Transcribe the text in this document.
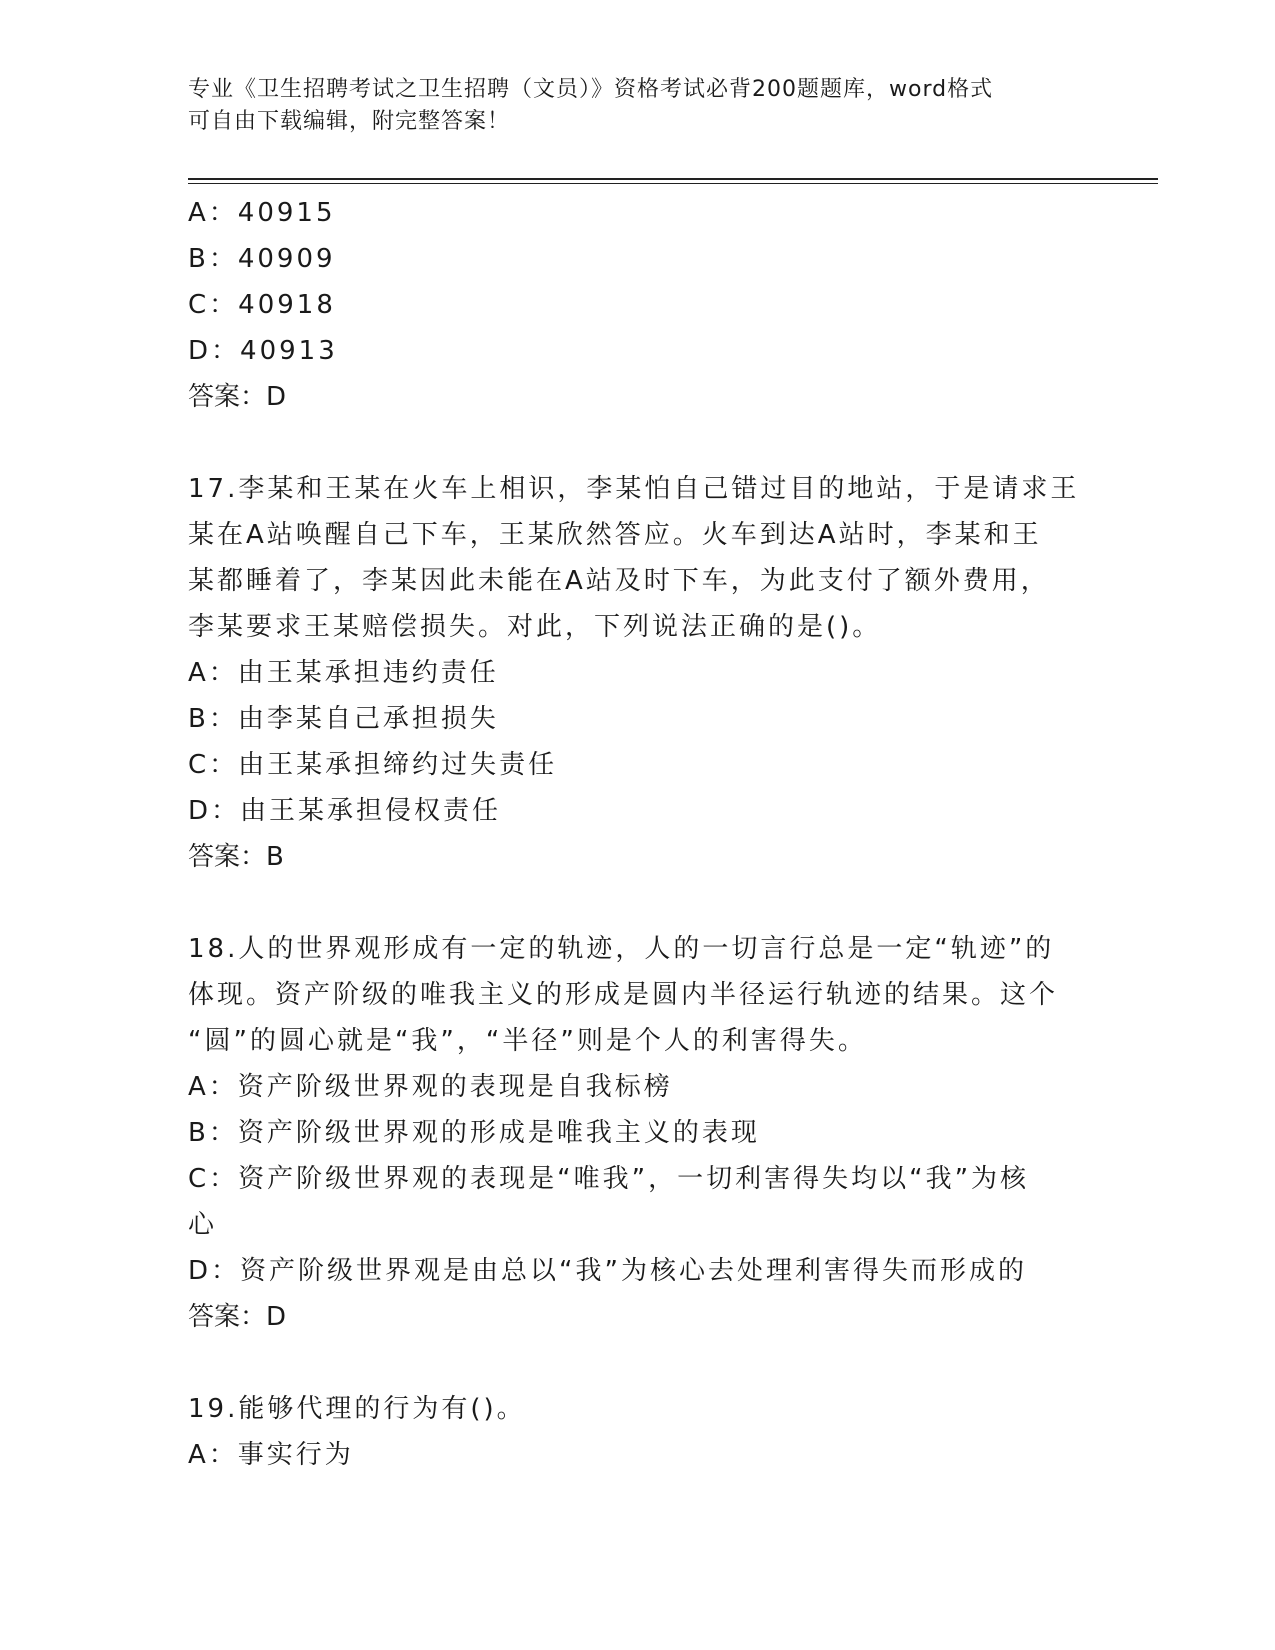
专业《卫生招聘考试之卫生招聘（文员）》资格考试必背200题题库，word格式
可自由下载编辑，附完整答案！
A：40915
B：40909
C：40918
D：40913
答案：D
17.李某和王某在火车上相识，李某怕自己错过目的地站，于是请求王
某在A站唤醒自己下车，王某欣然答应。火车到达A站时，李某和王
某都睡着了，李某因此未能在A站及时下车，为此支付了额外费用，
李某要求王某赔偿损失。对此，下列说法正确的是()。
A：由王某承担违约责任
B：由李某自己承担损失
C：由王某承担缔约过失责任
D：由王某承担侵权责任
答案：B
18.人的世界观形成有一定的轨迹，人的一切言行总是一定“轨迹”的
体现。资产阶级的唯我主义的形成是圆内半径运行轨迹的结果。这个
“圆”的圆心就是“我”，“半径”则是个人的利害得失。
A：资产阶级世界观的表现是自我标榜
B：资产阶级世界观的形成是唯我主义的表现
C：资产阶级世界观的表现是“唯我”，一切利害得失均以“我”为核
心
D：资产阶级世界观是由总以“我”为核心去处理利害得失而形成的
答案：D
19.能够代理的行为有()。
A：事实行为
